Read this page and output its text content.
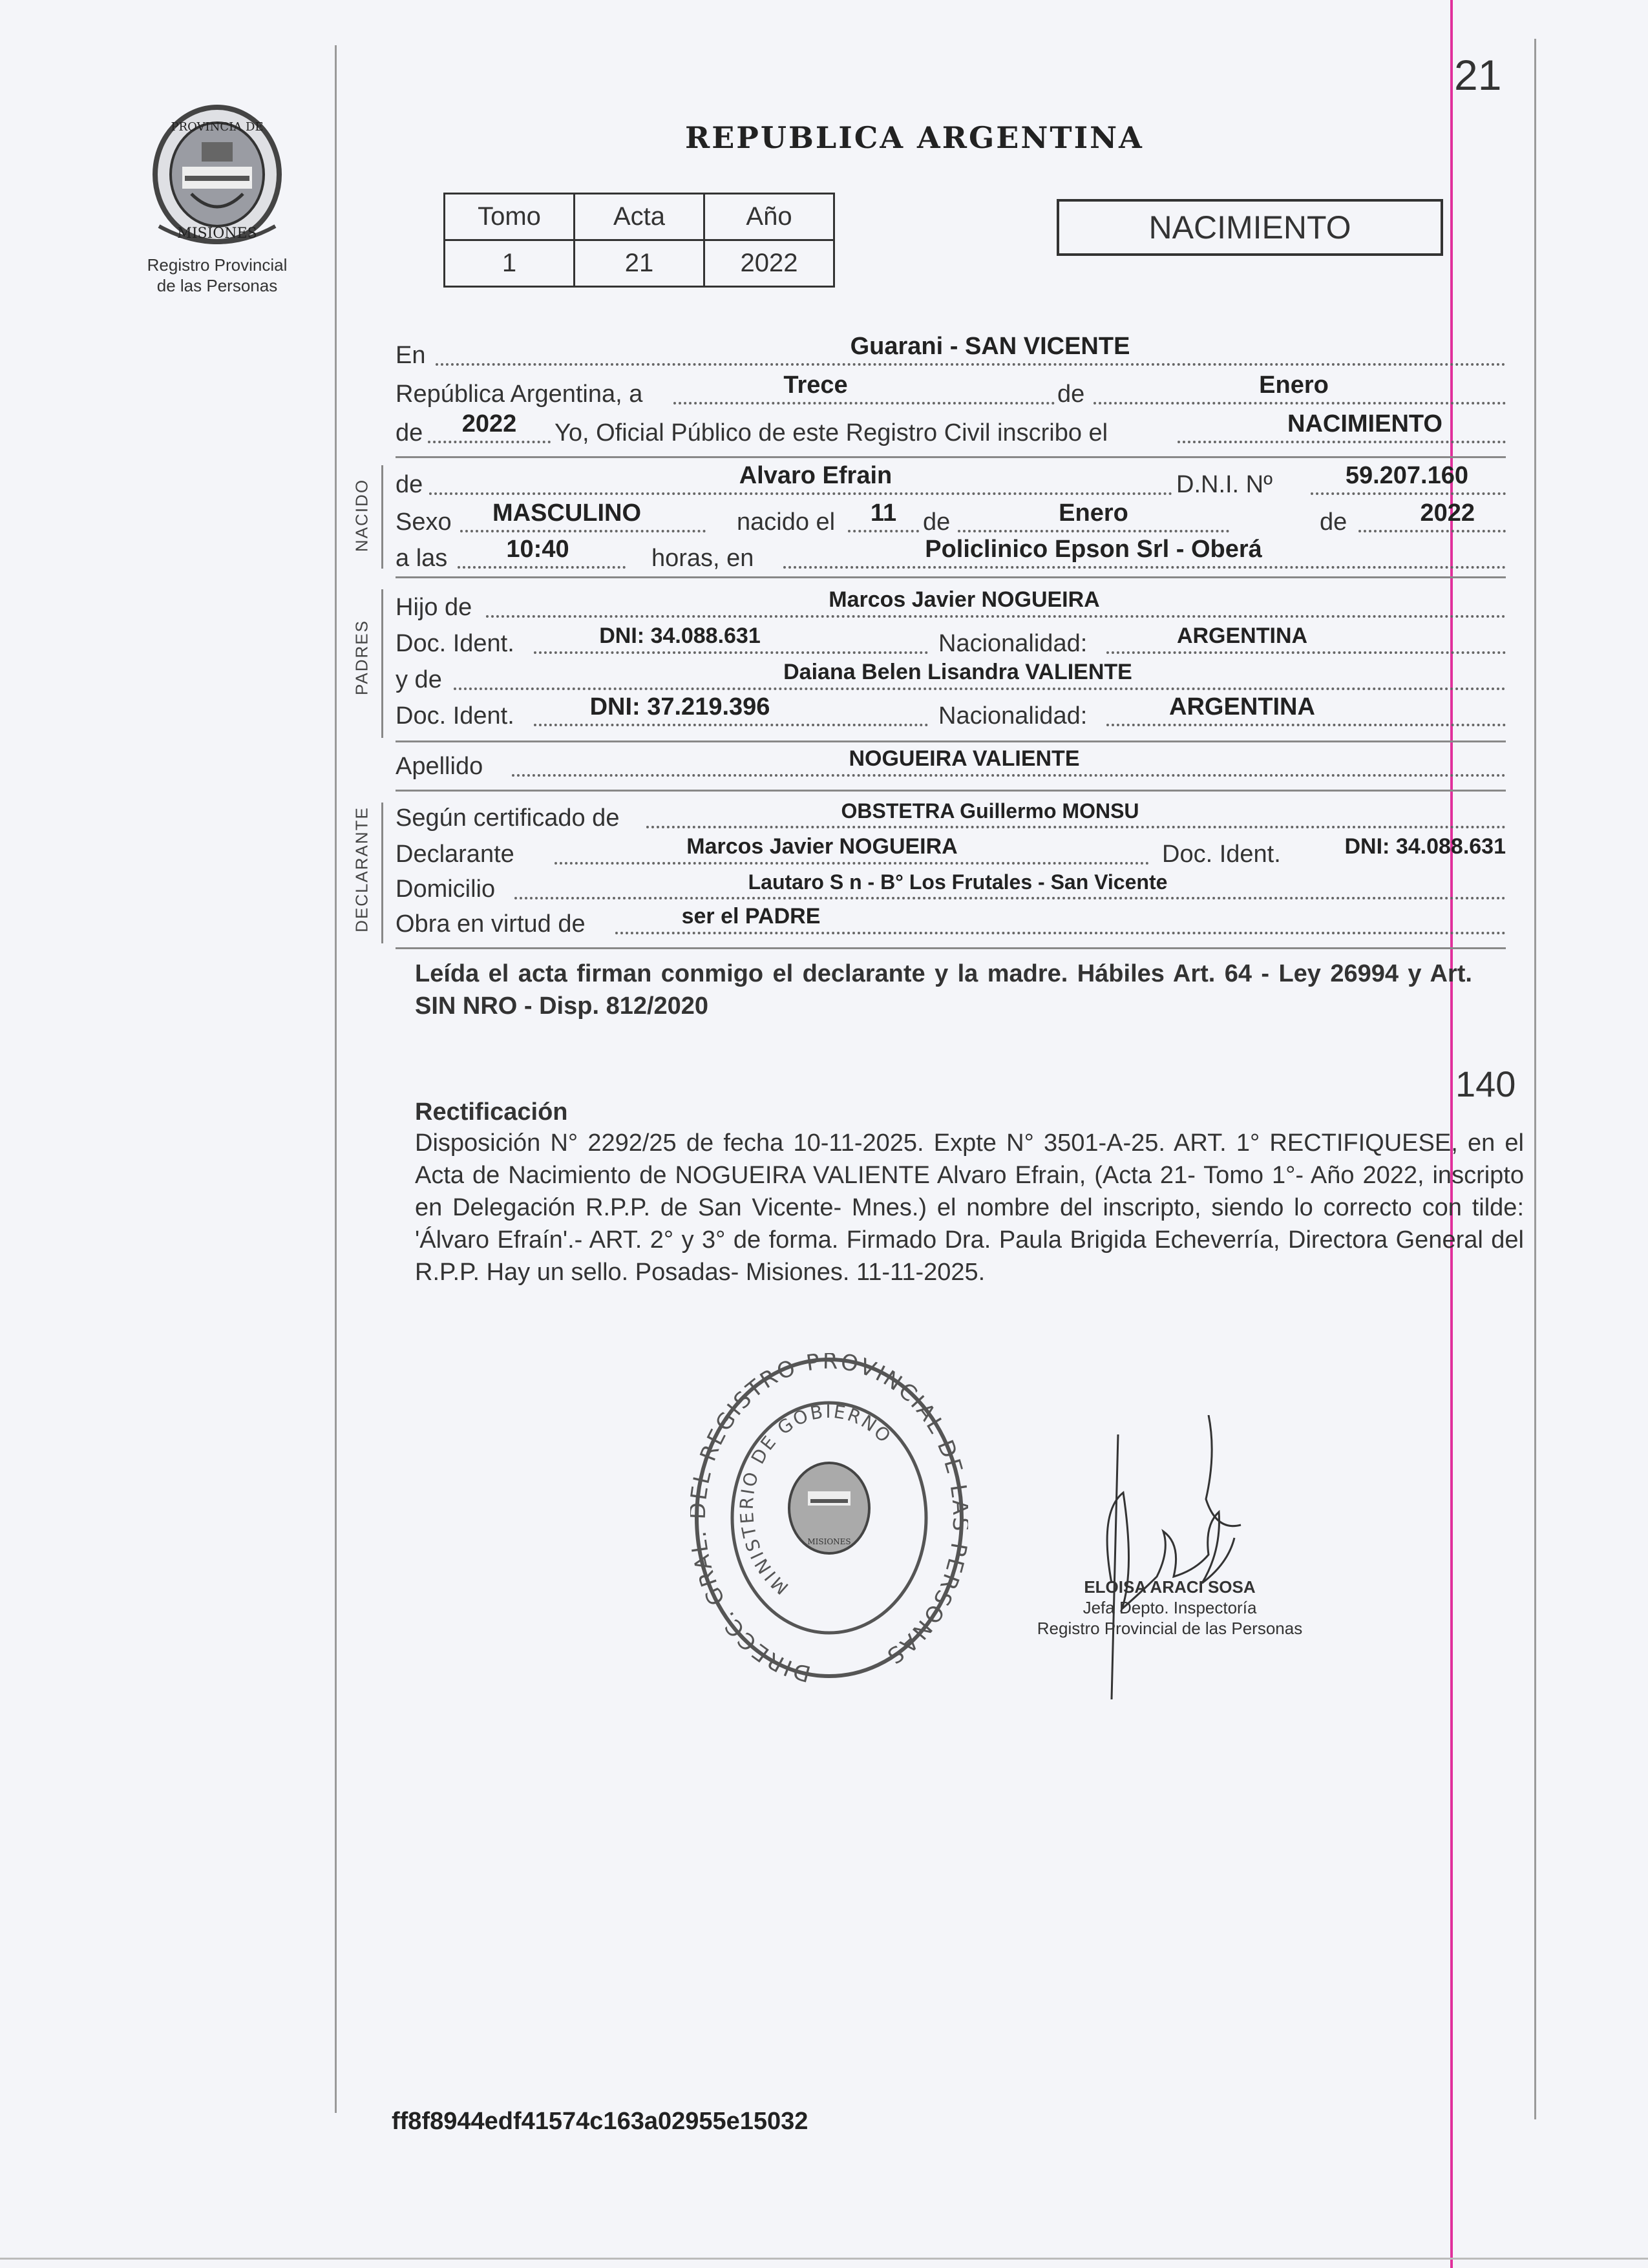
21
140
PROVINCIA DE
MISIONES
Registro Provincial
de las Personas
REPUBLICA ARGENTINA
Tomo	Acta	Año
1	21	2022
NACIMIENTO
En	Guarani - SAN VICENTE
República Argentina, a	Trece	de	Enero
de	2022	Yo, Oficial Público de este Registro Civil inscribo el	NACIMIENTO
NACIDO de	Alvaro Efrain	D.N.I. Nº	59.207.160
Sexo	MASCULINO	nacido el	11	de	Enero	de	2022
a las	10:40	horas, en	Policlinico Epson Srl - Oberá
PADRES
Hijo de	Marcos Javier NOGUEIRA
Doc. Ident.	DNI: 34.088.631	Nacionalidad:	ARGENTINA
y de	Daiana Belen Lisandra VALIENTE
Doc. Ident.	DNI: 37.219.396	Nacionalidad:	ARGENTINA
Apellido	NOGUEIRA VALIENTE
DECLARANTE Según certificado de	OBSTETRA Guillermo MONSU
Declarante	Marcos Javier NOGUEIRA	Doc. Ident.	DNI: 34.088.631
Domicilio	Lautaro S n - B° Los Frutales - San Vicente
Obra en virtud de	ser el PADRE
Leída el acta firman conmigo el declarante y la madre. Hábiles Art. 64 - Ley 26994 y Art. SIN NRO - Disp. 812/2020
Rectificación
Disposición N° 2292/25 de fecha 10-11-2025. Expte N° 3501-A-25. ART. 1° RECTIFIQUESE, en el Acta de Nacimiento de NOGUEIRA VALIENTE Alvaro Efrain, (Acta 21- Tomo 1°- Año 2022, inscripto en Delegación R.P.P. de San Vicente- Mnes.) el nombre del inscripto, siendo lo correcto con tilde: 'Álvaro Efraín'.- ART. 2° y 3° de forma. Firmado Dra. Paula Brigida Echeverría, Directora General del R.P.P. Hay un sello. Posadas- Misiones. 11-11-2025.
DIRECC. GRA L REGISTRO PROVINCIAL DE ERSONAS
MINISTERIO DE GOBIERNO
MISIONES
ELOISA ARACI SOSA
Jefa Depto. Inspectoría
Registro Provincial de las Personas
ff8f8944edf41574c163a02955e15032
